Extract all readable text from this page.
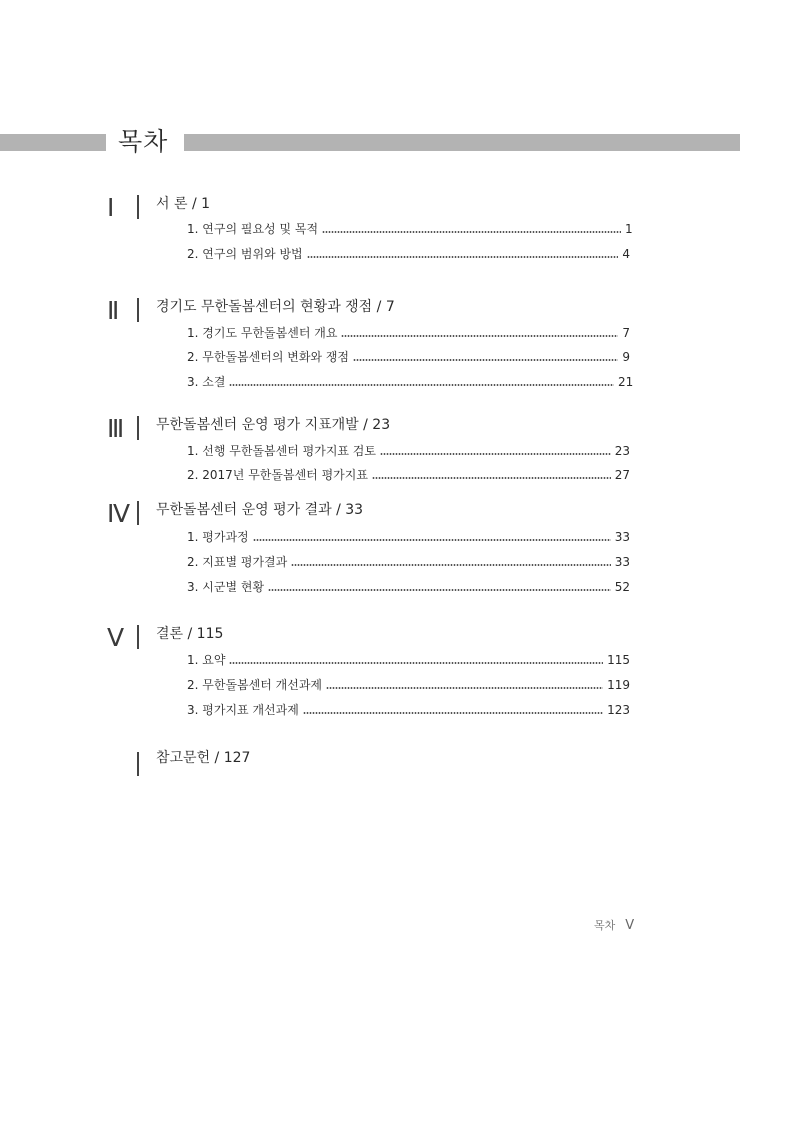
목차
Ⅰ	서 론 / 1
1. 연구의 필요성 및 목적	1
2. 연구의 범위와 방법	4
Ⅱ	경기도 무한돌봄센터의 현황과 쟁점 / 7
1. 경기도 무한돌봄센터 개요	7
2. 무한돌봄센터의 변화와 쟁점	9
3. 소결	21
Ⅲ 무한돌봄센터 운영 평가 지표개발 / 23
1. 선행 무한돌봄센터 평가지표 검토	23
2. 2017년 무한돌봄센터 평가지표	27
Ⅳ 무한돌봄센터 운영 평가 결과 / 33
1. 평가과정	33
2. 지표별 평가결과	33
3. 시군별 현황	52
Ⅴ 결론 / 115
1. 요약	115
2. 무한돌봄센터 개선과제	119
3. 평가지표 개선과제	123
참고문헌 / 127
목차 V
